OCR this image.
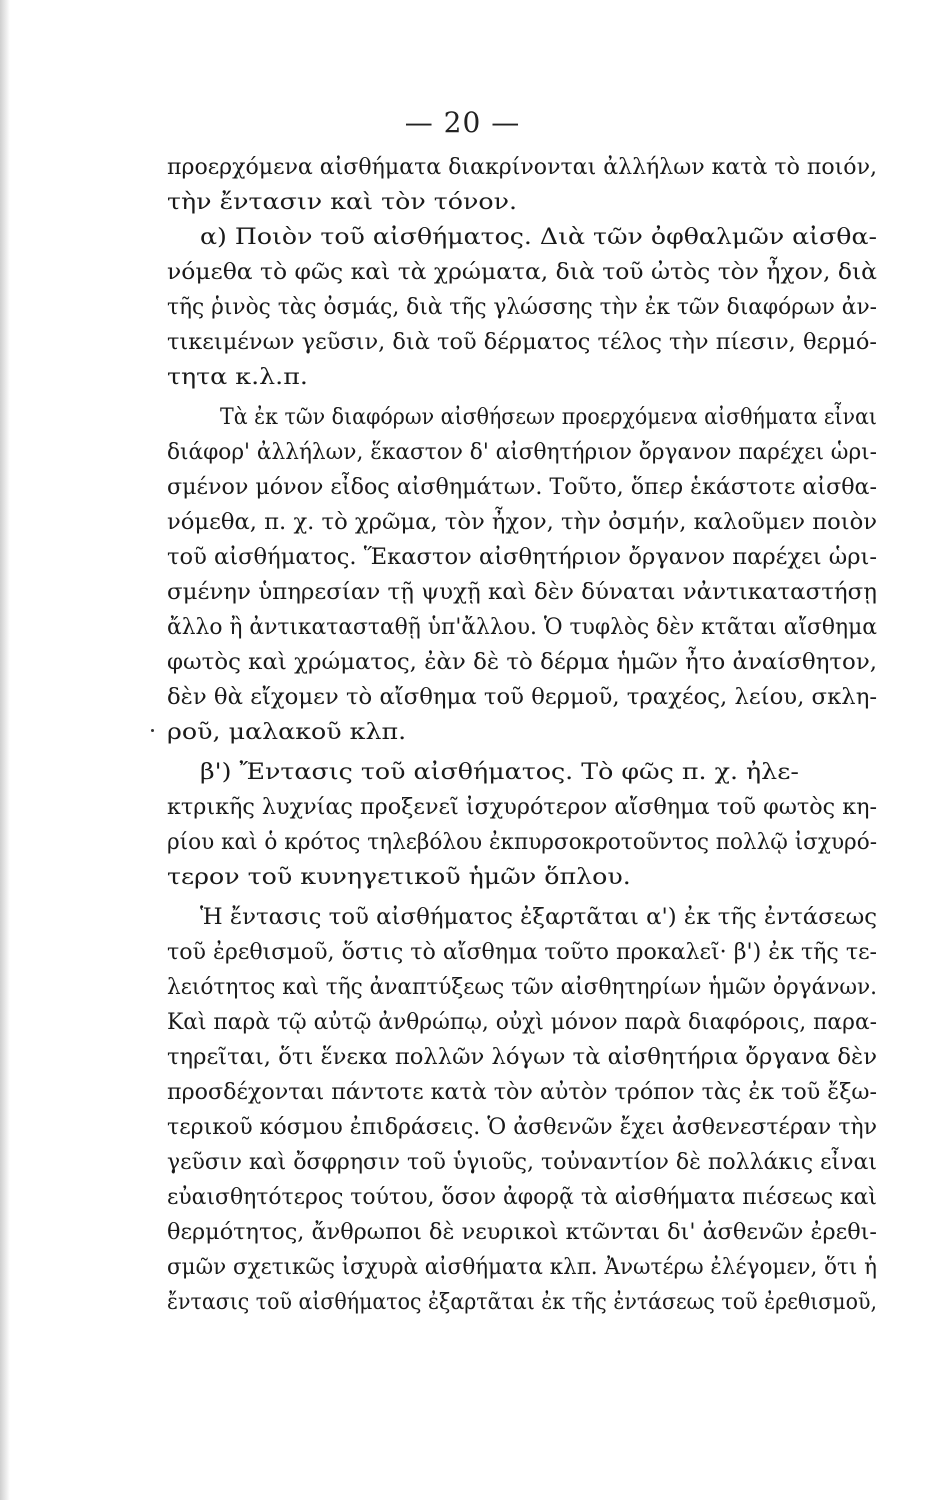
— 20 —
προερχόμενα αἰσθήματα διακρίνονται ἀλλήλων κατὰ τὸ ποιόν,
τὴν ἔντασιν καὶ τὸν τόνον.
α) Ποιὸν τοῦ αἰσθήματος. Διὰ τῶν ὀφθαλμῶν αἰσθα-
νόμεθα τὸ φῶς καὶ τὰ χρώματα, διὰ τοῦ ὠτὸς τὸν ἦχον, διὰ
τῆς ῥινὸς τὰς ὀσμάς, διὰ τῆς γλώσσης τὴν ἐκ τῶν διαφόρων ἀν-
τικειμένων γεῦσιν, διὰ τοῦ δέρματος τέλος τὴν πίεσιν, θερμό-
τητα κ.λ.π.
Τὰ ἐκ τῶν διαφόρων αἰσθήσεων προερχόμενα αἰσθήματα εἶναι
διάφορ' ἀλλήλων, ἕκαστον δ' αἰσθητήριον ὄργανον παρέχει ὡρι-
σμένον μόνον εἶδος αἰσθημάτων. Τοῦτο, ὅπερ ἑκάστοτε αἰσθα-
νόμεθα, π. χ. τὸ χρῶμα, τὸν ἦχον, τὴν ὀσμήν, καλοῦμεν ποιὸν
τοῦ αἰσθήματος. Ἕκαστον αἰσθητήριον ὄργανον παρέχει ὡρι-
σμένην ὑπηρεσίαν τῇ ψυχῇ καὶ δὲν δύναται νἀντικαταστήσῃ
ἄλλο ἢ ἀντικατασταθῇ ὑπ'ἄλλου. Ὁ τυφλὸς δὲν κτᾶται αἴσθημα
φωτὸς καὶ χρώματος, ἐὰν δὲ τὸ δέρμα ἡμῶν ἦτο ἀναίσθητον,
δὲν θὰ εἴχομεν τὸ αἴσθημα τοῦ θερμοῦ, τραχέος, λείου, σκλη-
ροῦ, μαλακοῦ κλπ.
β') Ἔντασις τοῦ αἰσθήματος. Τὸ φῶς π. χ. ἠλε-
κτρικῆς λυχνίας προξενεῖ ἰσχυρότερον αἴσθημα τοῦ φωτὸς κη-
ρίου καὶ ὁ κρότος τηλεβόλου ἐκπυρσοκροτοῦντος πολλῷ ἰσχυρό-
τερον τοῦ κυνηγετικοῦ ἡμῶν ὅπλου.
Ἡ ἔντασις τοῦ αἰσθήματος ἐξαρτᾶται α') ἐκ τῆς ἐντάσεως
τοῦ ἐρεθισμοῦ, ὅστις τὸ αἴσθημα τοῦτο προκαλεῖ· β') ἐκ τῆς τε-
λειότητος καὶ τῆς ἀναπτύξεως τῶν αἰσθητηρίων ἡμῶν ὀργάνων.
Καὶ παρὰ τῷ αὐτῷ ἀνθρώπῳ, οὐχὶ μόνον παρὰ διαφόροις, παρα-
τηρεῖται, ὅτι ἕνεκα πολλῶν λόγων τὰ αἰσθητήρια ὄργανα δὲν
προσδέχονται πάντοτε κατὰ τὸν αὐτὸν τρόπον τὰς ἐκ τοῦ ἔξω-
τερικοῦ κόσμου ἐπιδράσεις. Ὁ ἀσθενῶν ἔχει ἀσθενεστέραν τὴν
γεῦσιν καὶ ὄσφρησιν τοῦ ὑγιοῦς, τοὐναντίον δὲ πολλάκις εἶναι
εὐαισθητότερος τούτου, ὅσον ἀφορᾷ τὰ αἰσθήματα πιέσεως καὶ
θερμότητος, ἄνθρωποι δὲ νευρικοὶ κτῶνται δι' ἀσθενῶν ἐρεθι-
σμῶν σχετικῶς ἰσχυρὰ αἰσθήματα κλπ. Ἀνωτέρω ἐλέγομεν, ὅτι ἡ
ἔντασις τοῦ αἰσθήματος ἐξαρτᾶται ἐκ τῆς ἐντάσεως τοῦ ἐρεθισμοῦ,
